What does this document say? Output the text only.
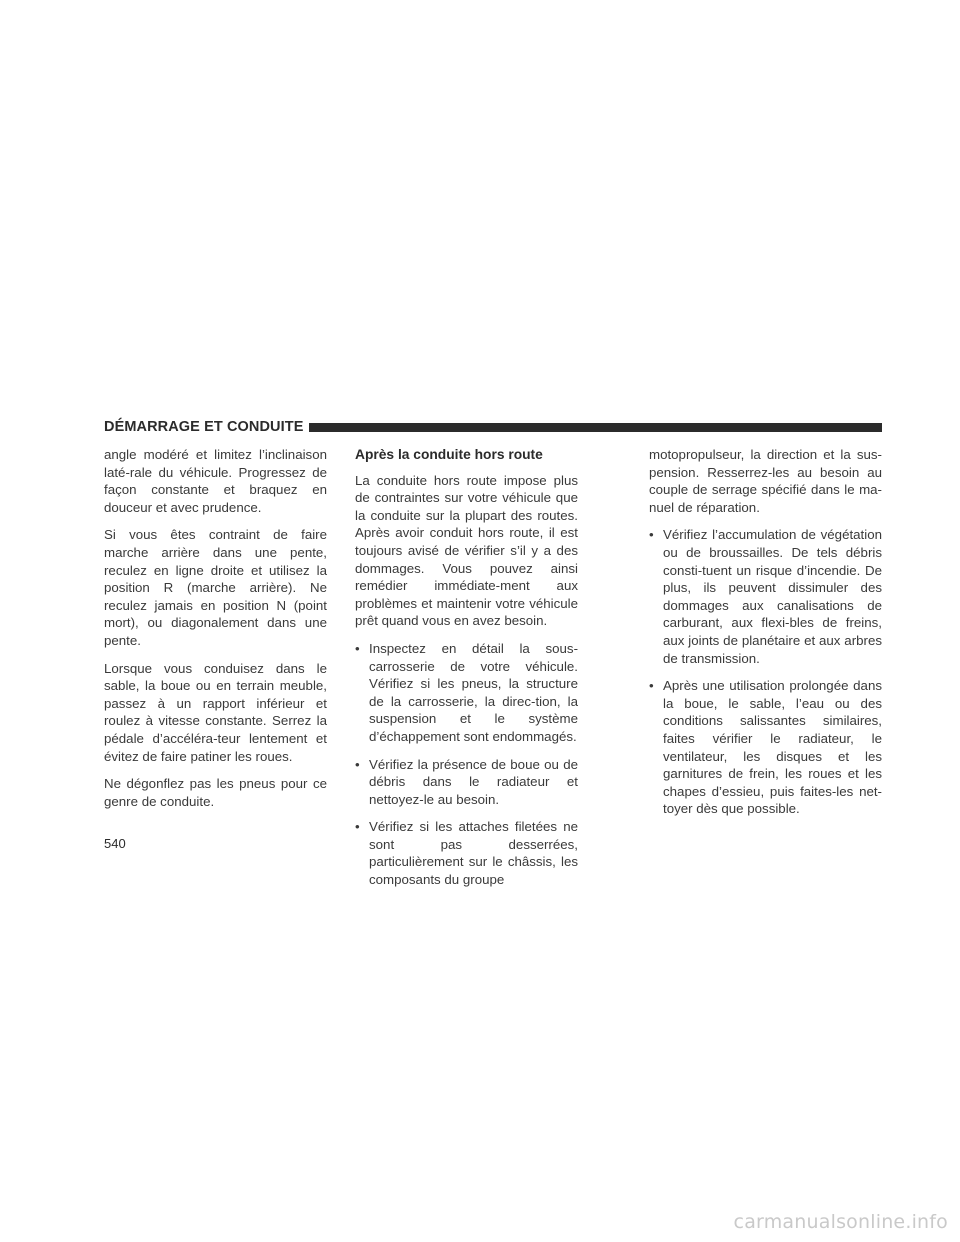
DÉMARRAGE ET CONDUITE

angle modéré et limitez l’inclinaison laté-rale du véhicule. Progressez de façon constante et braquez en douceur et avec prudence.

Si vous êtes contraint de faire marche arrière dans une pente, reculez en ligne droite et utilisez la position R (marche arrière). Ne reculez jamais en position N (point mort), ou diagonalement dans une pente.

Lorsque vous conduisez dans le sable, la boue ou en terrain meuble, passez à un rapport inférieur et roulez à vitesse constante. Serrez la pédale d’accéléra-teur lentement et évitez de faire patiner les roues.

Ne dégonflez pas les pneus pour ce genre de conduite.

Après la conduite hors route

La conduite hors route impose plus de contraintes sur votre véhicule que la conduite sur la plupart des routes. Après avoir conduit hors route, il est toujours avisé de vérifier s’il y a des dommages. Vous pouvez ainsi remédier immédiate-ment aux problèmes et maintenir votre véhicule prêt quand vous en avez besoin.

• Inspectez en détail la sous-carrosserie de votre véhicule. Vérifiez si les pneus, la structure de la carrosserie, la direc-tion, la suspension et le système d’échappement sont endommagés.
• Vérifiez la présence de boue ou de débris dans le radiateur et nettoyez-le au besoin.
• Vérifiez si les attaches filetées ne sont pas desserrées, particulièrement sur le châssis, les composants du groupe

motopropulseur, la direction et la sus-pension. Resserrez-les au besoin au couple de serrage spécifié dans le ma-nuel de réparation.

• Vérifiez l’accumulation de végétation ou de broussailles. De tels débris consti-tuent un risque d’incendie. De plus, ils peuvent dissimuler des dommages aux canalisations de carburant, aux flexi-bles de freins, aux joints de planétaire et aux arbres de transmission.
• Après une utilisation prolongée dans la boue, le sable, l’eau ou des conditions salissantes similaires, faites vérifier le radiateur, le ventilateur, les disques et les garnitures de frein, les roues et les chapes d’essieu, puis faites-les net-toyer dès que possible.
540
carmanualsonline.info
